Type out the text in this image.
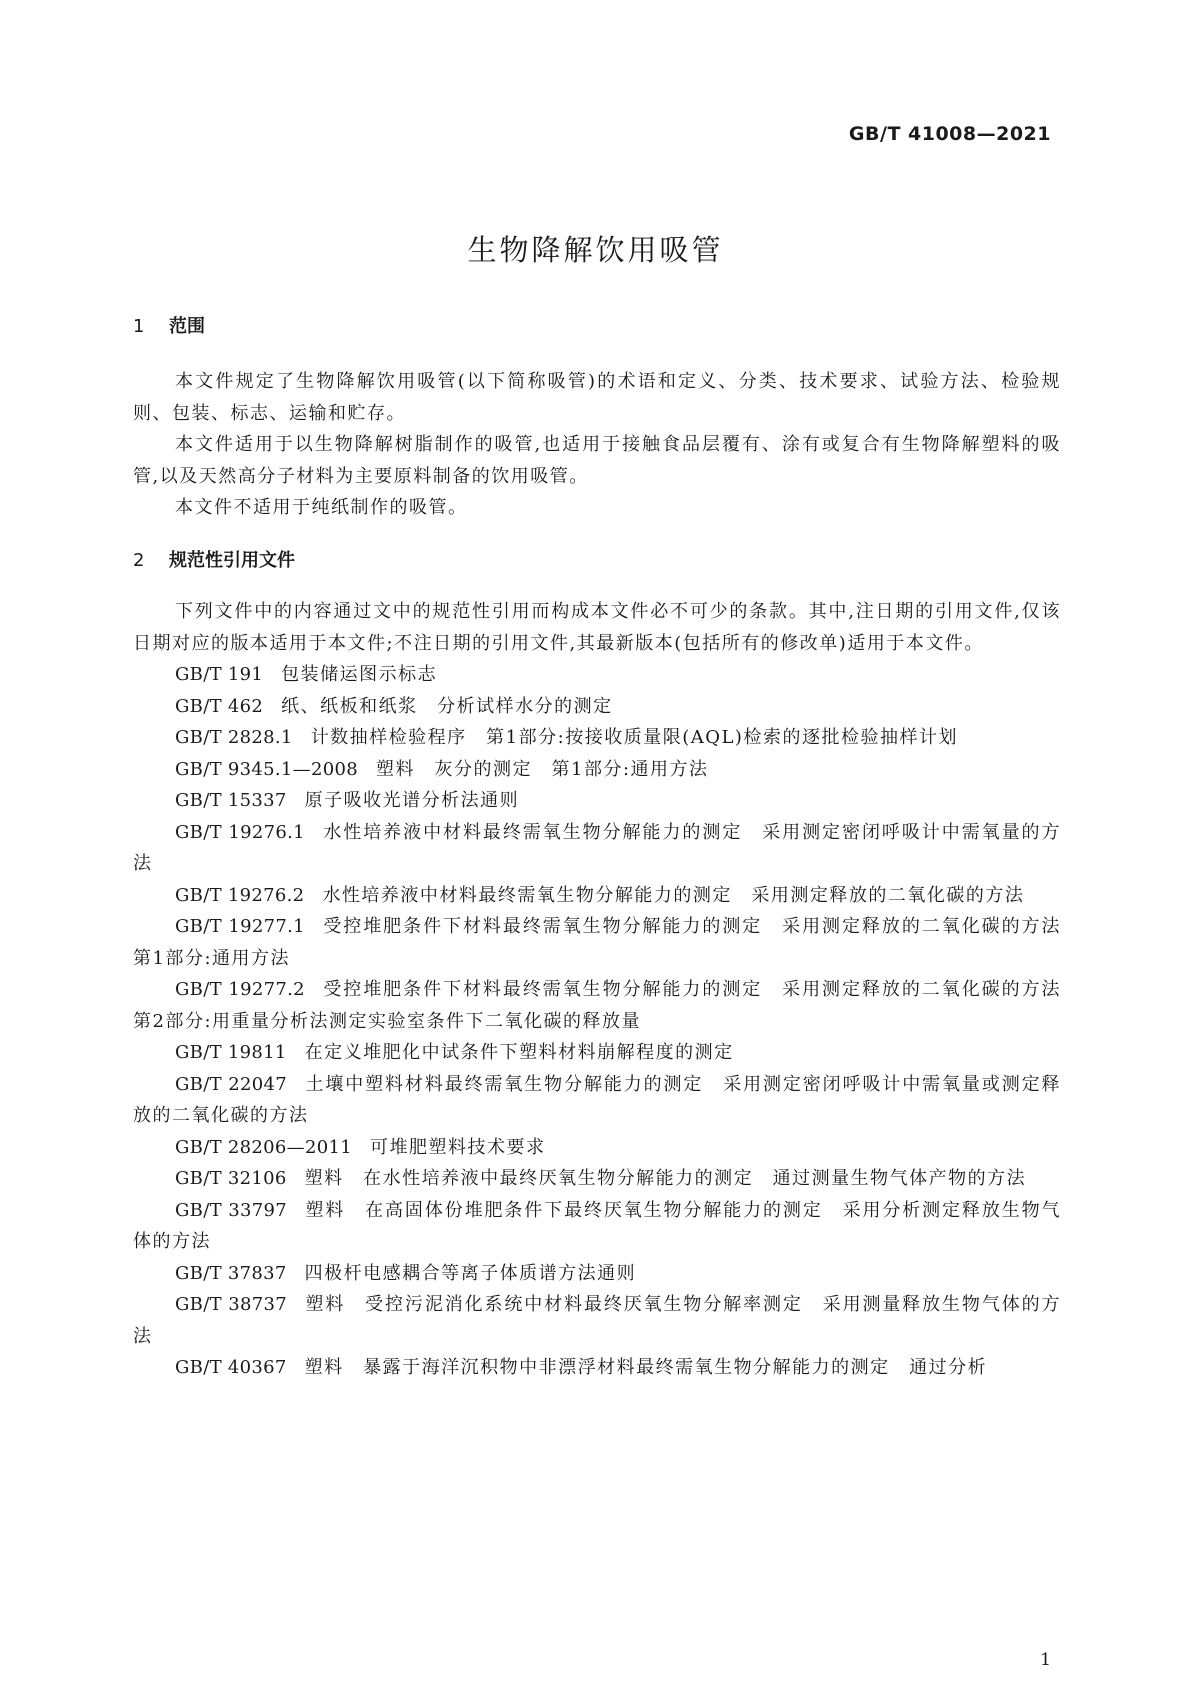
GB/T 41008—2021
生物降解饮用吸管
1 范围

本文件规定了生物降解饮用吸管(以下简称吸管)的术语和定义、分类、技术要求、试验方法、检验规则、包装、标志、运输和贮存。

本文件适用于以生物降解树脂制作的吸管,也适用于接触食品层覆有、涂有或复合有生物降解塑料的吸管,以及天然高分子材料为主要原料制备的饮用吸管。

本文件不适用于纯纸制作的吸管。

2 规范性引用文件

下列文件中的内容通过文中的规范性引用而构成本文件必不可少的条款。其中,注日期的引用文件,仅该日期对应的版本适用于本文件;不注日期的引用文件,其最新版本(包括所有的修改单)适用于本文件。

GB/T 191 包装储运图示标志

GB/T 462 纸、纸板和纸浆　分析试样水分的测定

GB/T 2828.1 计数抽样检验程序　第1部分:按接收质量限(AQL)检索的逐批检验抽样计划

GB/T 9345.1—2008 塑料　灰分的测定　第1部分:通用方法

GB/T 15337 原子吸收光谱分析法通则

GB/T 19276.1 水性培养液中材料最终需氧生物分解能力的测定　采用测定密闭呼吸计中需氧量的方法

GB/T 19276.2 水性培养液中材料最终需氧生物分解能力的测定　采用测定释放的二氧化碳的方法

GB/T 19277.1 受控堆肥条件下材料最终需氧生物分解能力的测定　采用测定释放的二氧化碳的方法　第1部分:通用方法

GB/T 19277.2 受控堆肥条件下材料最终需氧生物分解能力的测定　采用测定释放的二氧化碳的方法　第2部分:用重量分析法测定实验室条件下二氧化碳的释放量

GB/T 19811 在定义堆肥化中试条件下塑料材料崩解程度的测定

GB/T 22047 土壤中塑料材料最终需氧生物分解能力的测定　采用测定密闭呼吸计中需氧量或测定释放的二氧化碳的方法

GB/T 28206—2011 可堆肥塑料技术要求

GB/T 32106 塑料　在水性培养液中最终厌氧生物分解能力的测定　通过测量生物气体产物的方法

GB/T 33797 塑料　在高固体份堆肥条件下最终厌氧生物分解能力的测定　采用分析测定释放生物气体的方法

GB/T 37837 四极杆电感耦合等离子体质谱方法通则

GB/T 38737 塑料　受控污泥消化系统中材料最终厌氧生物分解率测定　采用测量释放生物气体的方法

GB/T 40367 塑料　暴露于海洋沉积物中非漂浮材料最终需氧生物分解能力的测定　通过分析

1
